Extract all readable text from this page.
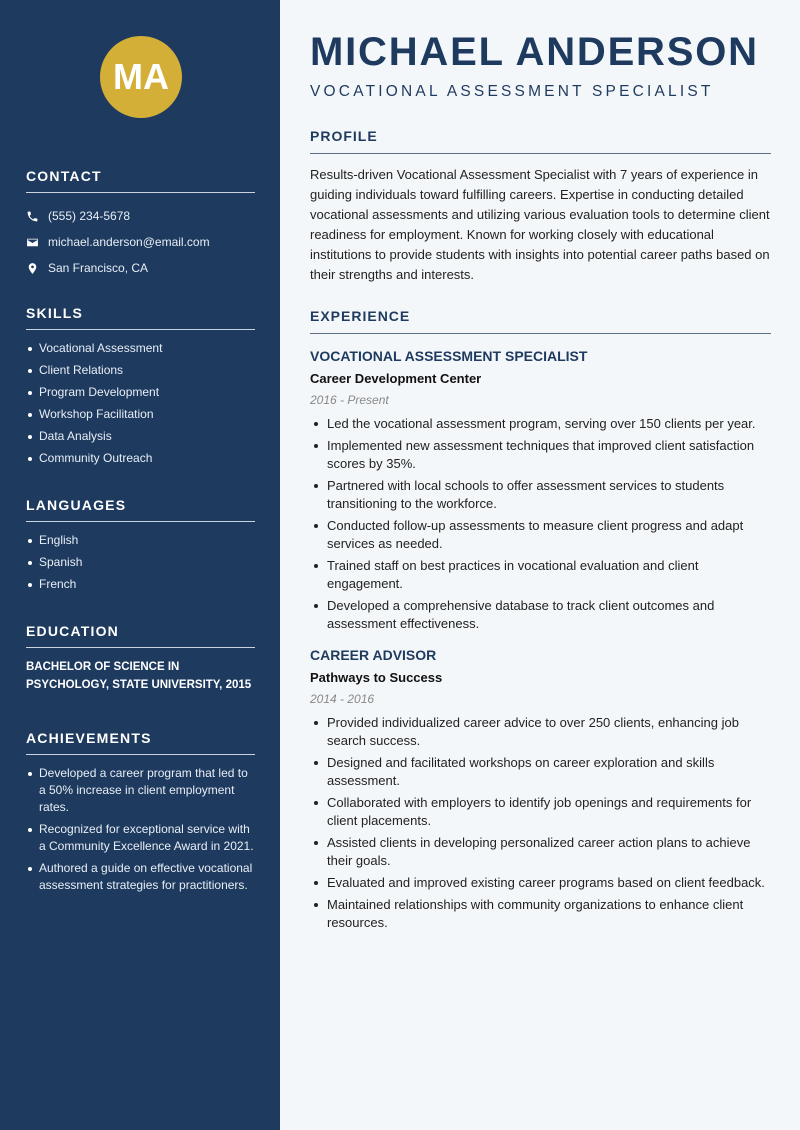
MA
CONTACT
(555) 234-5678
michael.anderson@email.com
San Francisco, CA
SKILLS
Vocational Assessment
Client Relations
Program Development
Workshop Facilitation
Data Analysis
Community Outreach
LANGUAGES
English
Spanish
French
EDUCATION
BACHELOR OF SCIENCE IN PSYCHOLOGY, STATE UNIVERSITY, 2015
ACHIEVEMENTS
Developed a career program that led to a 50% increase in client employment rates.
Recognized for exceptional service with a Community Excellence Award in 2021.
Authored a guide on effective vocational assessment strategies for practitioners.
MICHAEL ANDERSON
VOCATIONAL ASSESSMENT SPECIALIST
PROFILE
Results-driven Vocational Assessment Specialist with 7 years of experience in guiding individuals toward fulfilling careers. Expertise in conducting detailed vocational assessments and utilizing various evaluation tools to determine client readiness for employment. Known for working closely with educational institutions to provide students with insights into potential career paths based on their strengths and interests.
EXPERIENCE
VOCATIONAL ASSESSMENT SPECIALIST
Career Development Center
2016 - Present
Led the vocational assessment program, serving over 150 clients per year.
Implemented new assessment techniques that improved client satisfaction scores by 35%.
Partnered with local schools to offer assessment services to students transitioning to the workforce.
Conducted follow-up assessments to measure client progress and adapt services as needed.
Trained staff on best practices in vocational evaluation and client engagement.
Developed a comprehensive database to track client outcomes and assessment effectiveness.
CAREER ADVISOR
Pathways to Success
2014 - 2016
Provided individualized career advice to over 250 clients, enhancing job search success.
Designed and facilitated workshops on career exploration and skills assessment.
Collaborated with employers to identify job openings and requirements for client placements.
Assisted clients in developing personalized career action plans to achieve their goals.
Evaluated and improved existing career programs based on client feedback.
Maintained relationships with community organizations to enhance client resources.
